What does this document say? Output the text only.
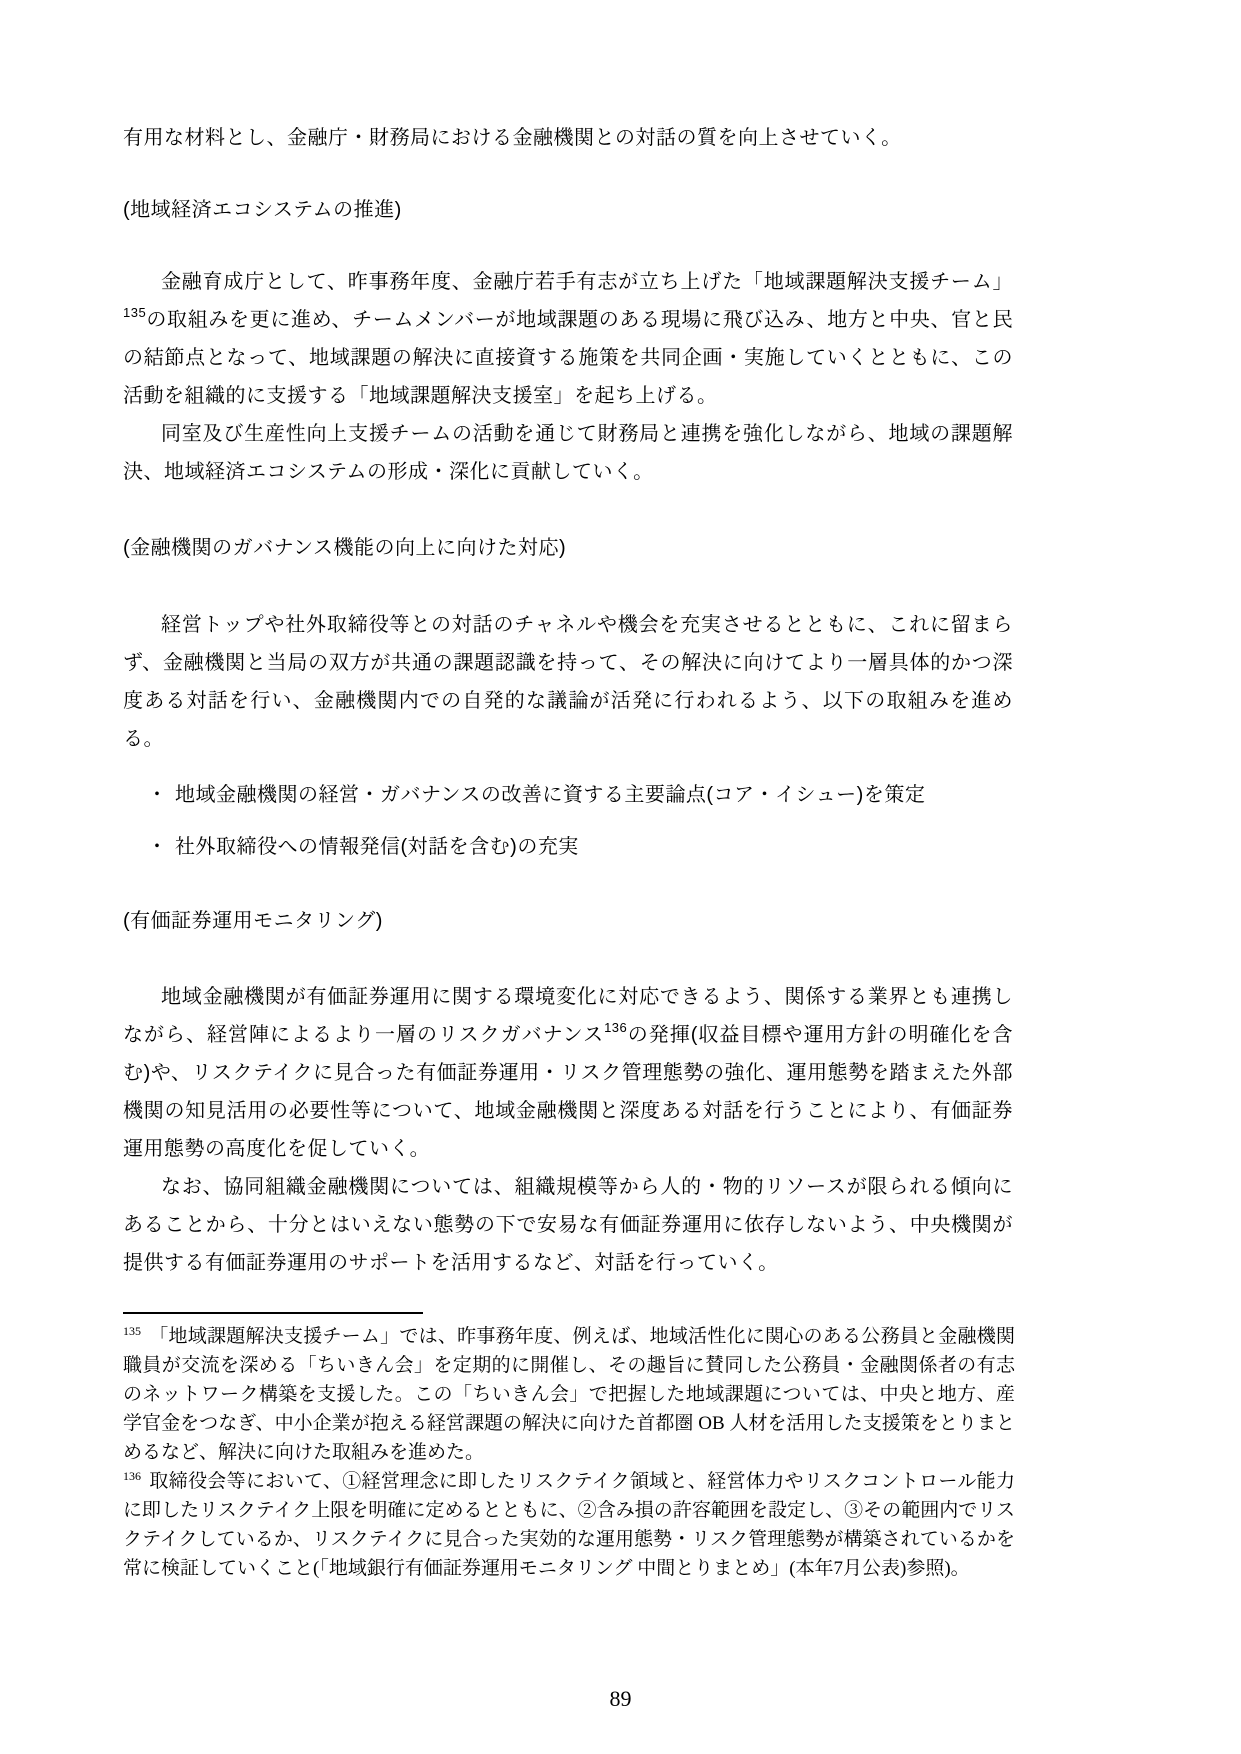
有用な材料とし、金融庁・財務局における金融機関との対話の質を向上させていく。

(地域経済エコシステムの推進)

金融育成庁として、昨事務年度、金融庁若手有志が立ち上げた「地域課題解決支援チーム」$^{135}$の取組みを更に進め、チームメンバーが地域課題のある現場に飛び込み、地方と中央、官と民の結節点となって、地域課題の解決に直接資する施策を共同企画・実施していくとともに、この活動を組織的に支援する「地域課題解決支援室」を起ち上げる。

同室及び生産性向上支援チームの活動を通じて財務局と連携を強化しながら、地域の課題解決、地域経済エコシステムの形成・深化に貢献していく。

(金融機関のガバナンス機能の向上に向けた対応)

経営トップや社外取締役等との対話のチャネルや機会を充実させるとともに、これに留まらず、金融機関と当局の双方が共通の課題認識を持って、その解決に向けてより一層具体的かつ深度ある対話を行い、金融機関内での自発的な議論が活発に行われるよう、以下の取組みを進める。

・ 地域金融機関の経営・ガバナンスの改善に資する主要論点(コア・イシュー)を策定
・ 社外取締役への情報発信(対話を含む)の充実

(有価証券運用モニタリング)

地域金融機関が有価証券運用に関する環境変化に対応できるよう、関係する業界とも連携しながら、経営陣によるより一層のリスクガバナンス$^{136}$の発揮(収益目標や運用方針の明確化を含む)や、リスクテイクに見合った有価証券運用・リスク管理態勢の強化、運用態勢を踏まえた外部機関の知見活用の必要性等について、地域金融機関と深度ある対話を行うことにより、有価証券運用態勢の高度化を促していく。

なお、協同組織金融機関については、組織規模等から人的・物的リソースが限られる傾向にあることから、十分とはいえない態勢の下で安易な有価証券運用に依存しないよう、中央機関が提供する有価証券運用のサポートを活用するなど、対話を行っていく。

$^{135}$ 「地域課題解決支援チーム」では、昨事務年度、例えば、地域活性化に関心のある公務員と金融機関職員が交流を深める「ちいきん会」を定期的に開催し、その趣旨に賛同した公務員・金融関係者の有志のネットワーク構築を支援した。この「ちいきん会」で把握した地域課題については、中央と地方、産学官金をつなぎ、中小企業が抱える経営課題の解決に向けた首都圏 OB 人材を活用した支援策をとりまとめるなど、解決に向けた取組みを進めた。

$^{136}$ 取締役会等において、①経営理念に即したリスクテイク領域と、経営体力やリスクコントロール能力に即したリスクテイク上限を明確に定めるとともに、②含み損の許容範囲を設定し、③その範囲内でリスクテイクしているか、リスクテイクに見合った実効的な運用態勢・リスク管理態勢が構築されているかを常に検証していくこと(「地域銀行有価証券運用モニタリング 中間とりまとめ」(本年7月公表)参照)。

89
